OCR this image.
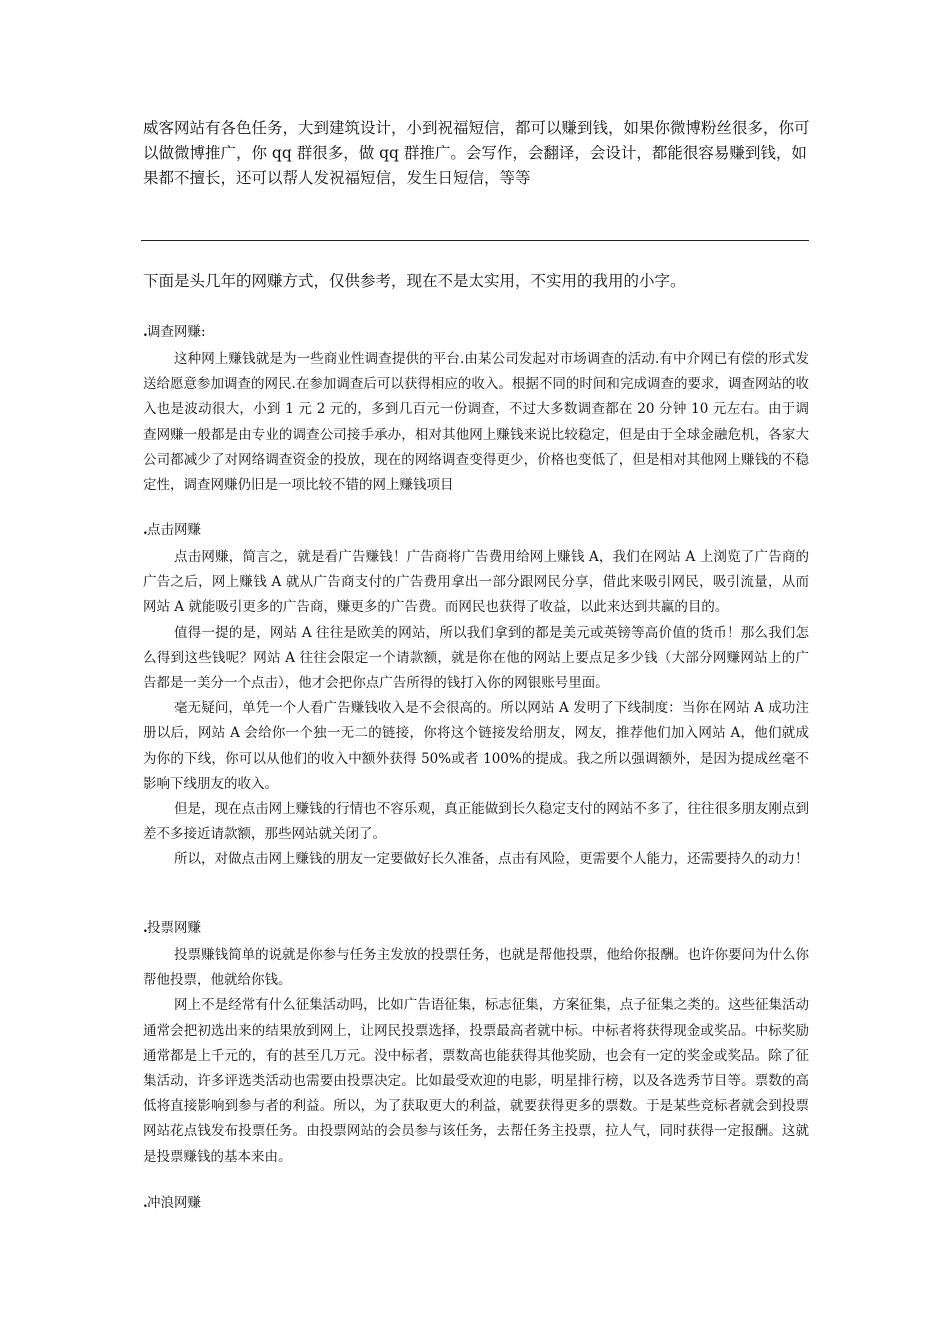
威客网站有各色任务，大到建筑设计，小到祝福短信，都可以赚到钱，如果你微博粉丝很多，你可以做微博推广，你 qq 群很多，做 qq 群推广。会写作，会翻译，会设计，都能很容易赚到钱，如果都不擅长，还可以帮人发祝福短信，发生日短信，等等

下面是头几年的网赚方式，仅供参考，现在不是太实用，不实用的我用的小字。

.调查网赚:

这种网上赚钱就是为一些商业性调查提供的平台.由某公司发起对市场调查的活动.有中介网已有偿的形式发送给愿意参加调查的网民.在参加调查后可以获得相应的收入。根据不同的时间和完成调查的要求，调查网站的收入也是波动很大，小到 1 元 2 元的，多到几百元一份调查，不过大多数调查都在 20 分钟 10 元左右。由于调查网赚一般都是由专业的调查公司接手承办，相对其他网上赚钱来说比较稳定，但是由于全球金融危机，各家大公司都减少了对网络调查资金的投放，现在的网络调查变得更少，价格也变低了，但是相对其他网上赚钱的不稳定性，调查网赚仍旧是一项比较不错的网上赚钱项目

.点击网赚

点击网赚，简言之，就是看广告赚钱！广告商将广告费用给网上赚钱 A，我们在网站 A 上浏览了广告商的广告之后，网上赚钱 A 就从广告商支付的广告费用拿出一部分跟网民分享，借此来吸引网民，吸引流量，从而网站 A 就能吸引更多的广告商，赚更多的广告费。而网民也获得了收益，以此来达到共赢的目的。

值得一提的是，网站 A 往往是欧美的网站，所以我们拿到的都是美元或英镑等高价值的货币！那么我们怎么得到这些钱呢？网站 A 往往会限定一个请款额，就是你在他的网站上要点足多少钱（大部分网赚网站上的广告都是一美分一个点击），他才会把你点广告所得的钱打入你的网银账号里面。

毫无疑问，单凭一个人看广告赚钱收入是不会很高的。所以网站 A 发明了下线制度：当你在网站 A 成功注册以后，网站 A 会给你一个独一无二的链接，你将这个链接发给朋友，网友，推荐他们加入网站 A，他们就成为你的下线，你可以从他们的收入中额外获得 50%或者 100%的提成。我之所以强调额外，是因为提成丝毫不影响下线朋友的收入。

但是，现在点击网上赚钱的行情也不容乐观，真正能做到长久稳定支付的网站不多了，往往很多朋友刚点到差不多接近请款额，那些网站就关闭了。

所以，对做点击网上赚钱的朋友一定要做好长久准备，点击有风险，更需要个人能力，还需要持久的动力！

.投票网赚

投票赚钱简单的说就是你参与任务主发放的投票任务，也就是帮他投票，他给你报酬。也许你要问为什么你帮他投票，他就给你钱。

网上不是经常有什么征集活动吗，比如广告语征集，标志征集，方案征集，点子征集之类的。这些征集活动通常会把初选出来的结果放到网上，让网民投票选择，投票最高者就中标。中标者将获得现金或奖品。中标奖励通常都是上千元的，有的甚至几万元。没中标者，票数高也能获得其他奖励，也会有一定的奖金或奖品。除了征集活动，许多评选类活动也需要由投票决定。比如最受欢迎的电影，明星排行榜，以及各选秀节目等。票数的高低将直接影响到参与者的利益。所以，为了获取更大的利益，就要获得更多的票数。于是某些竞标者就会到投票网站花点钱发布投票任务。由投票网站的会员参与该任务，去帮任务主投票，拉人气，同时获得一定报酬。这就是投票赚钱的基本来由。

.冲浪网赚
